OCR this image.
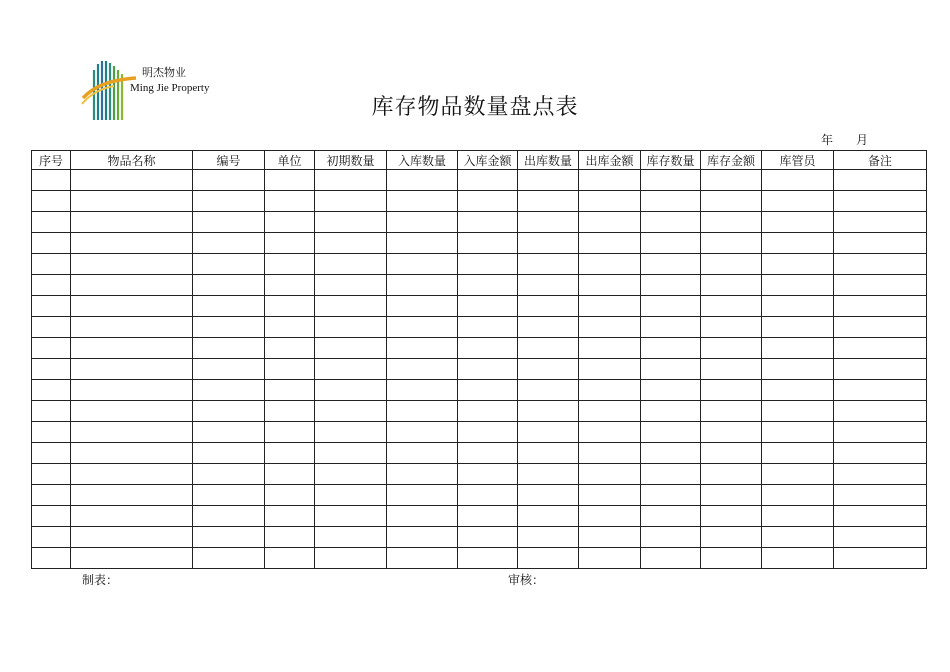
明杰物业
Ming Jie Property
库存物品数量盘点表
年 月
序号	物品名称	编号	单位	初期数量	入库数量	入库金额	出库数量	出库金额	库存数量	库存金额	库管员	备注

制表：	审核：
